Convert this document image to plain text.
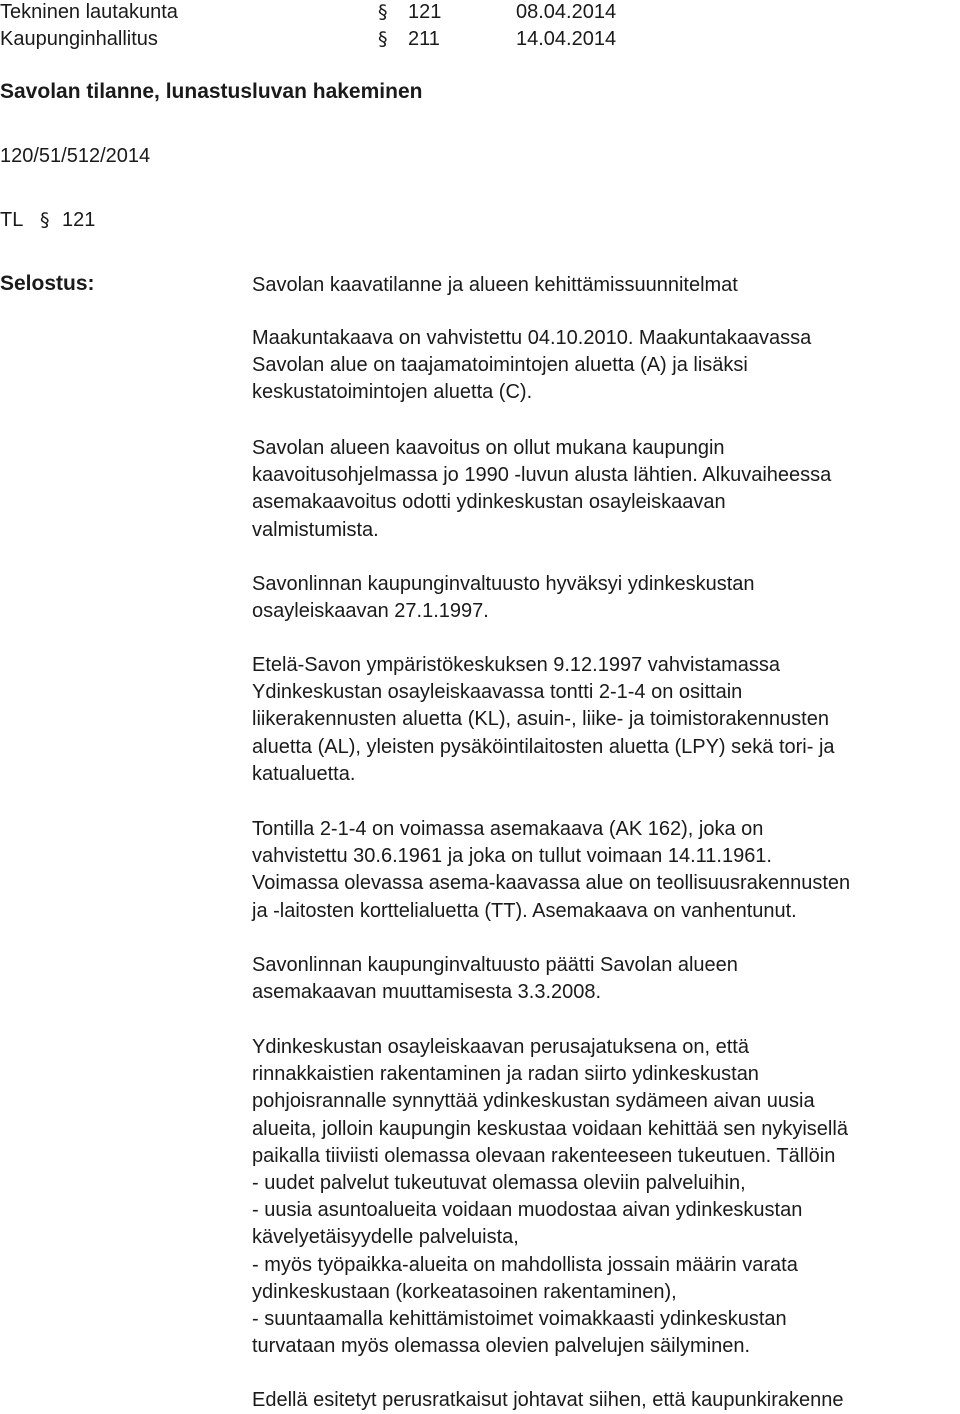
Tekninen lautakunta	§ 121	08.04.2014
Kaupunginhallitus	§ 211	14.04.2014
Savolan tilanne, lunastusluvan hakeminen
120/51/512/2014
TL § 121
Selostus:	Savolan kaavatilanne ja alueen kehittämissuunnitelmat

Maakuntakaava on vahvistettu 04.10.2010. Maakuntakaavassa
Savolan alue on taajamatoimintojen aluetta (A) ja lisäksi
keskustatoimintojen aluetta (C).

Savolan alueen kaavoitus on ollut mukana kaupungin
kaavoitusohjelmassa jo 1990 -luvun alusta lähtien. Alkuvaiheessa
asemakaavoitus odotti ydinkeskustan osayleiskaavan
valmistumista.

Savonlinnan kaupunginvaltuusto hyväksyi ydinkeskustan
osayleiskaavan 27.1.1997.

Etelä-Savon ympäristökeskuksen 9.12.1997 vahvistamassa
Ydinkeskustan osayleiskaavassa tontti 2-1-4 on osittain
liikerakennusten aluetta (KL), asuin-, liike- ja toimistorakennusten
aluetta (AL), yleisten pysäköintilaitosten aluetta (LPY) sekä tori- ja
katualuetta.

Tontilla 2-1-4 on voimassa asemakaava (AK 162), joka on
vahvistettu 30.6.1961 ja joka on tullut voimaan 14.11.1961.
Voimassa olevassa asema-kaavassa alue on teollisuusrakennusten
ja -laitosten korttelialuetta (TT). Asemakaava on vanhentunut.

Savonlinnan kaupunginvaltuusto päätti Savolan alueen
asemakaavan muuttamisesta 3.3.2008.

Ydinkeskustan osayleiskaavan perusajatuksena on, että
rinnakkaistien rakentaminen ja radan siirto ydinkeskustan
pohjoisrannalle synnyttää ydinkeskustan sydämeen aivan uusia
alueita, jolloin kaupungin keskustaa voidaan kehittää sen nykyisellä
paikalla tiiviisti olemassa olevaan rakenteeseen tukeutuen. Tällöin

- uudet palvelut tukeutuvat olemassa oleviin palveluihin,
- uusia asuntoalueita voidaan muodostaa aivan ydinkeskustan
kävelyetäisyydelle palveluista,
- myös työpaikka-alueita on mahdollista jossain määrin varata
ydinkeskustaan (korkeatasoinen rakentaminen),
- suuntaamalla kehittämistoimet voimakkaasti ydinkeskustan
turvataan myös olemassa olevien palvelujen säilyminen.

Edellä esitetyt perusratkaisut johtavat siihen, että kaupunkirakenne
